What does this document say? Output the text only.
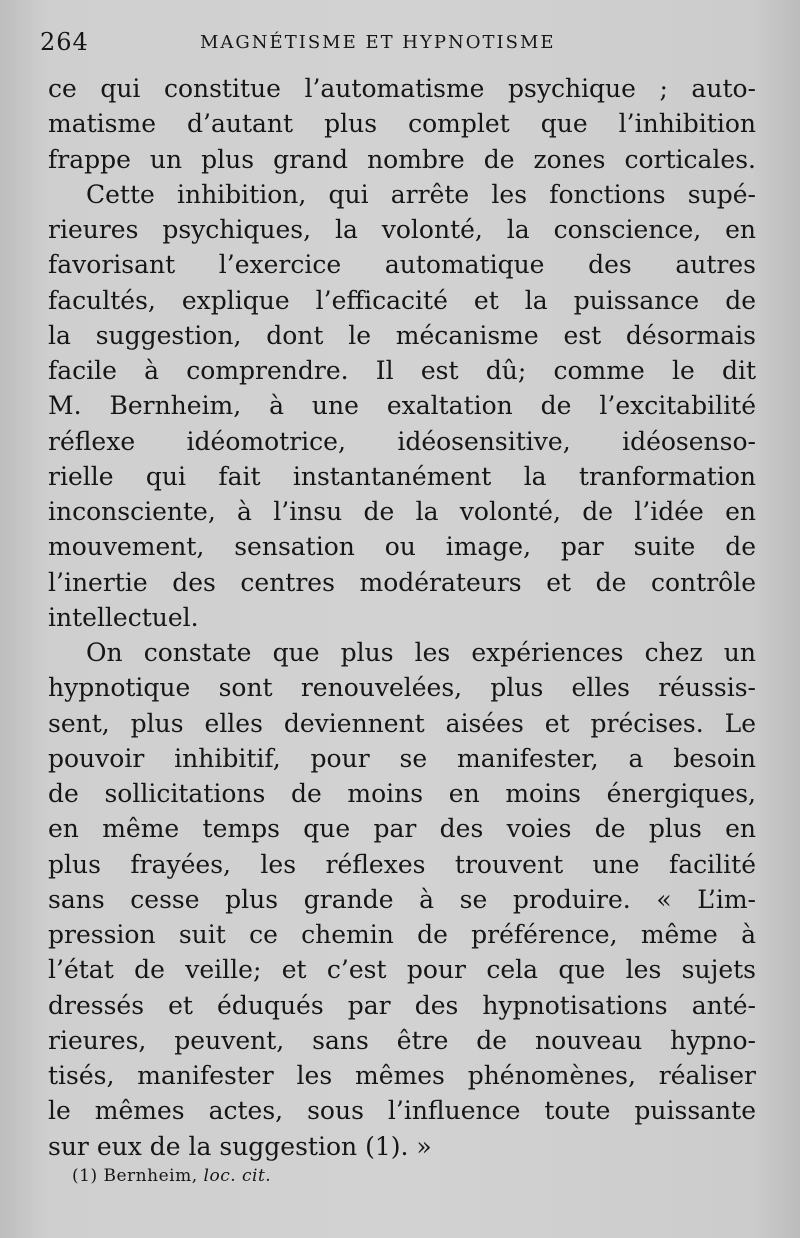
264	MAGNÉTISME ET HYPNOTISME
ce qui constitue l’automatisme psychique ; auto-
matisme d’autant plus complet que l’inhibition
frappe un plus grand nombre de zones corticales.
Cette inhibition, qui arrête les fonctions supé-
rieures psychiques, la volonté, la conscience, en
favorisant l’exercice automatique des autres
facultés, explique l’efficacité et la puissance de
la suggestion, dont le mécanisme est désormais
facile à comprendre. Il est dû; comme le dit
M. Bernheim, à une exaltation de l’excitabilité
réflexe idéomotrice, idéosensitive, idéosenso-
rielle qui fait instantanément la tranformation
inconsciente, à l’insu de la volonté, de l’idée en
mouvement, sensation ou image, par suite de
l’inertie des centres modérateurs et de contrôle
intellectuel.
On constate que plus les expériences chez un
hypnotique sont renouvelées, plus elles réussis-
sent, plus elles deviennent aisées et précises. Le
pouvoir inhibitif, pour se manifester, a besoin
de sollicitations de moins en moins énergiques,
en même temps que par des voies de plus en
plus frayées, les réflexes trouvent une facilité
sans cesse plus grande à se produire. « L’im-
pression suit ce chemin de préférence, même à
l’état de veille; et c’est pour cela que les sujets
dressés et éduqués par des hypnotisations anté-
rieures, peuvent, sans être de nouveau hypno-
tisés, manifester les mêmes phénomènes, réaliser
le mêmes actes, sous l’influence toute puissante
sur eux de la suggestion (1). »
(1) Bernheim, loc. cit.
